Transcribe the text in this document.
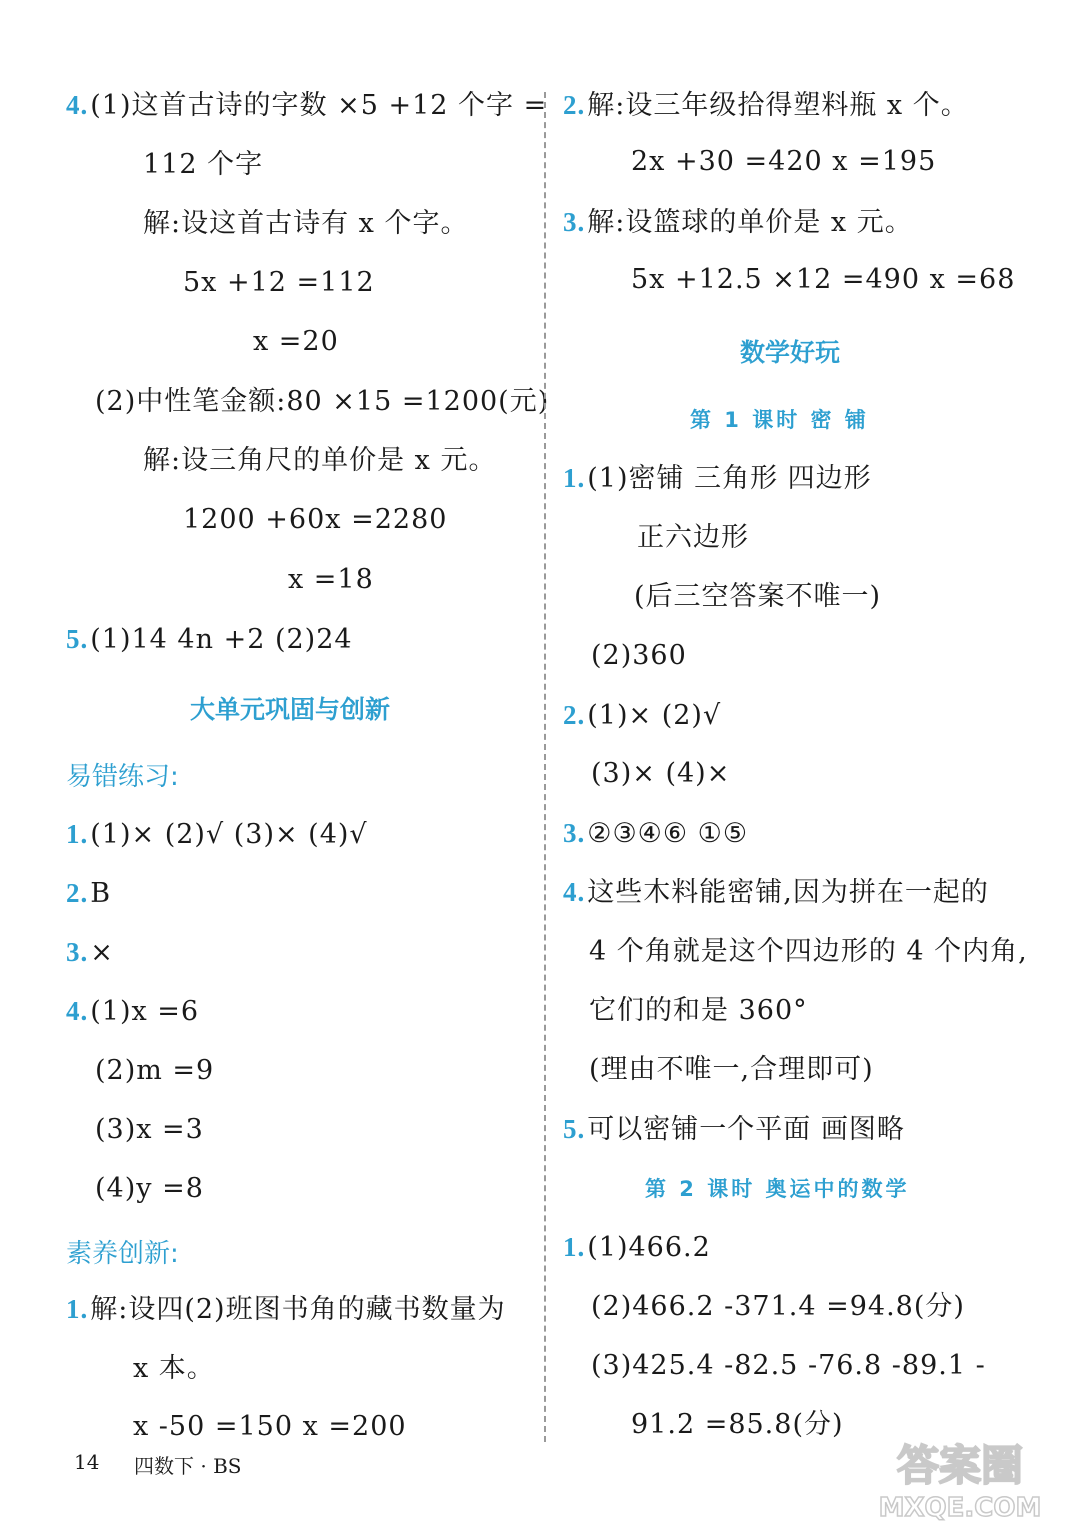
4.(1)这首古诗的字数 ×5 +12 个字 =
112 个字
解:设这首古诗有 x 个字。
5x +12 =112
x =20
(2)中性笔金额:80 ×15 =1200(元)
解:设三角尺的单价是 x 元。
1200 +60x =2280
x =18
5.(1)14 4n +2 (2)24
大单元巩固与创新
易错练习:
1.(1)× (2)√ (3)× (4)√
2.B
3.×
4.(1)x =6
(2)m =9
(3)x =3
(4)y =8
素养创新:
1.解:设四(2)班图书角的藏书数量为
x 本。
x -50 =150 x =200
2.解:设三年级拾得塑料瓶 x 个。
2x +30 =420 x =195
3.解:设篮球的单价是 x 元。
5x +12.5 ×12 =490 x =68
数学好玩
第 1 课时 密 铺
1.(1)密铺 三角形 四边形
正六边形
(后三空答案不唯一)
(2)360
2.(1)× (2)√
(3)× (4)×
3.②③④⑥ ①⑤
4.这些木料能密铺,因为拼在一起的
4 个角就是这个四边形的 4 个内角,
它们的和是 360°
(理由不唯一,合理即可)
5.可以密铺一个平面 画图略
第 2 课时 奥运中的数学
1.(1)466.2
(2)466.2 -371.4 =94.8(分)
(3)425.4 -82.5 -76.8 -89.1 -
91.2 =85.8(分)
14 四数下 · BS	答案圈
MXQE.COM
